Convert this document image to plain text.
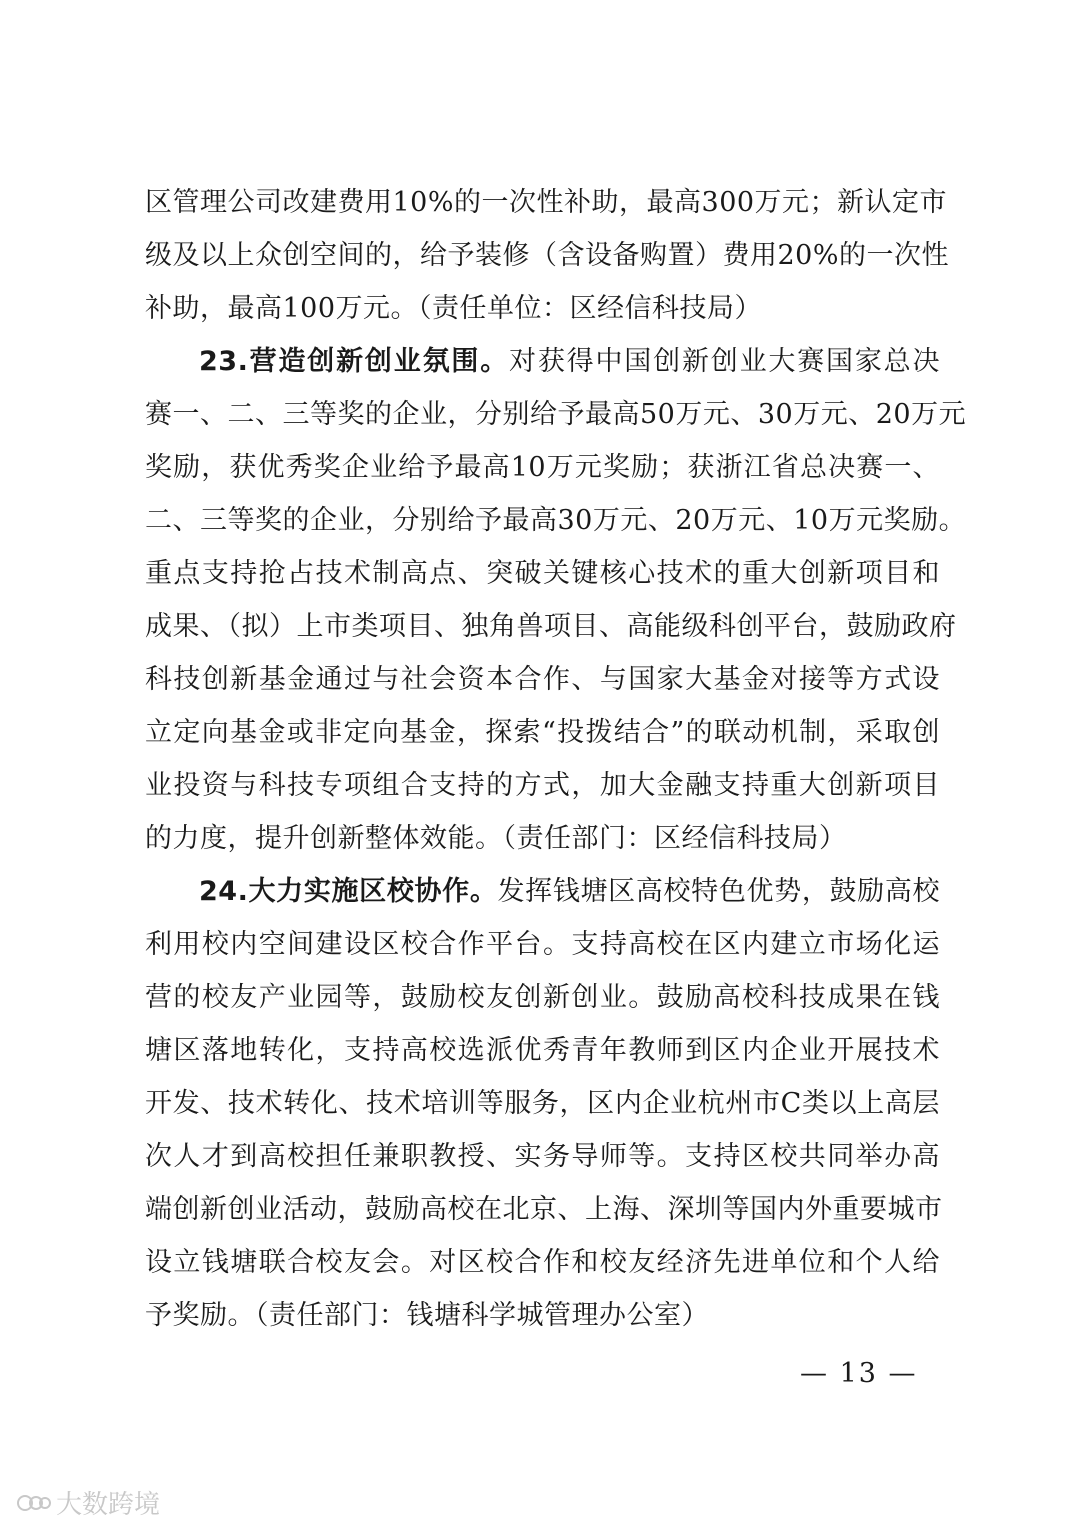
区管理公司改建费用10%的一次性补助，最高300万元；新认定市

级及以上众创空间的，给予装修（含设备购置）费用20%的一次性

补助，最高100万元。（责任单位：区经信科技局）

23.营造创新创业氛围。对获得中国创新创业大赛国家总决

赛一、二、三等奖的企业，分别给予最高50万元、30万元、20万元

奖励，获优秀奖企业给予最高10万元奖励；获浙江省总决赛一、

二、三等奖的企业，分别给予最高30万元、20万元、10万元奖励。

重点支持抢占技术制高点、突破关键核心技术的重大创新项目和

成果、（拟）上市类项目、独角兽项目、高能级科创平台，鼓励政府

科技创新基金通过与社会资本合作、与国家大基金对接等方式设

立定向基金或非定向基金，探索“投拨结合”的联动机制，采取创

业投资与科技专项组合支持的方式，加大金融支持重大创新项目

的力度，提升创新整体效能。（责任部门：区经信科技局）

24.大力实施区校协作。发挥钱塘区高校特色优势，鼓励高校

利用校内空间建设区校合作平台。支持高校在区内建立市场化运

营的校友产业园等，鼓励校友创新创业。鼓励高校科技成果在钱

塘区落地转化，支持高校选派优秀青年教师到区内企业开展技术

开发、技术转化、技术培训等服务，区内企业杭州市C类以上高层

次人才到高校担任兼职教授、实务导师等。支持区校共同举办高

端创新创业活动，鼓励高校在北京、上海、深圳等国内外重要城市

设立钱塘联合校友会。对区校合作和校友经济先进单位和个人给

予奖励。（责任部门：钱塘科学城管理办公室）

— 13 —
大数跨境
